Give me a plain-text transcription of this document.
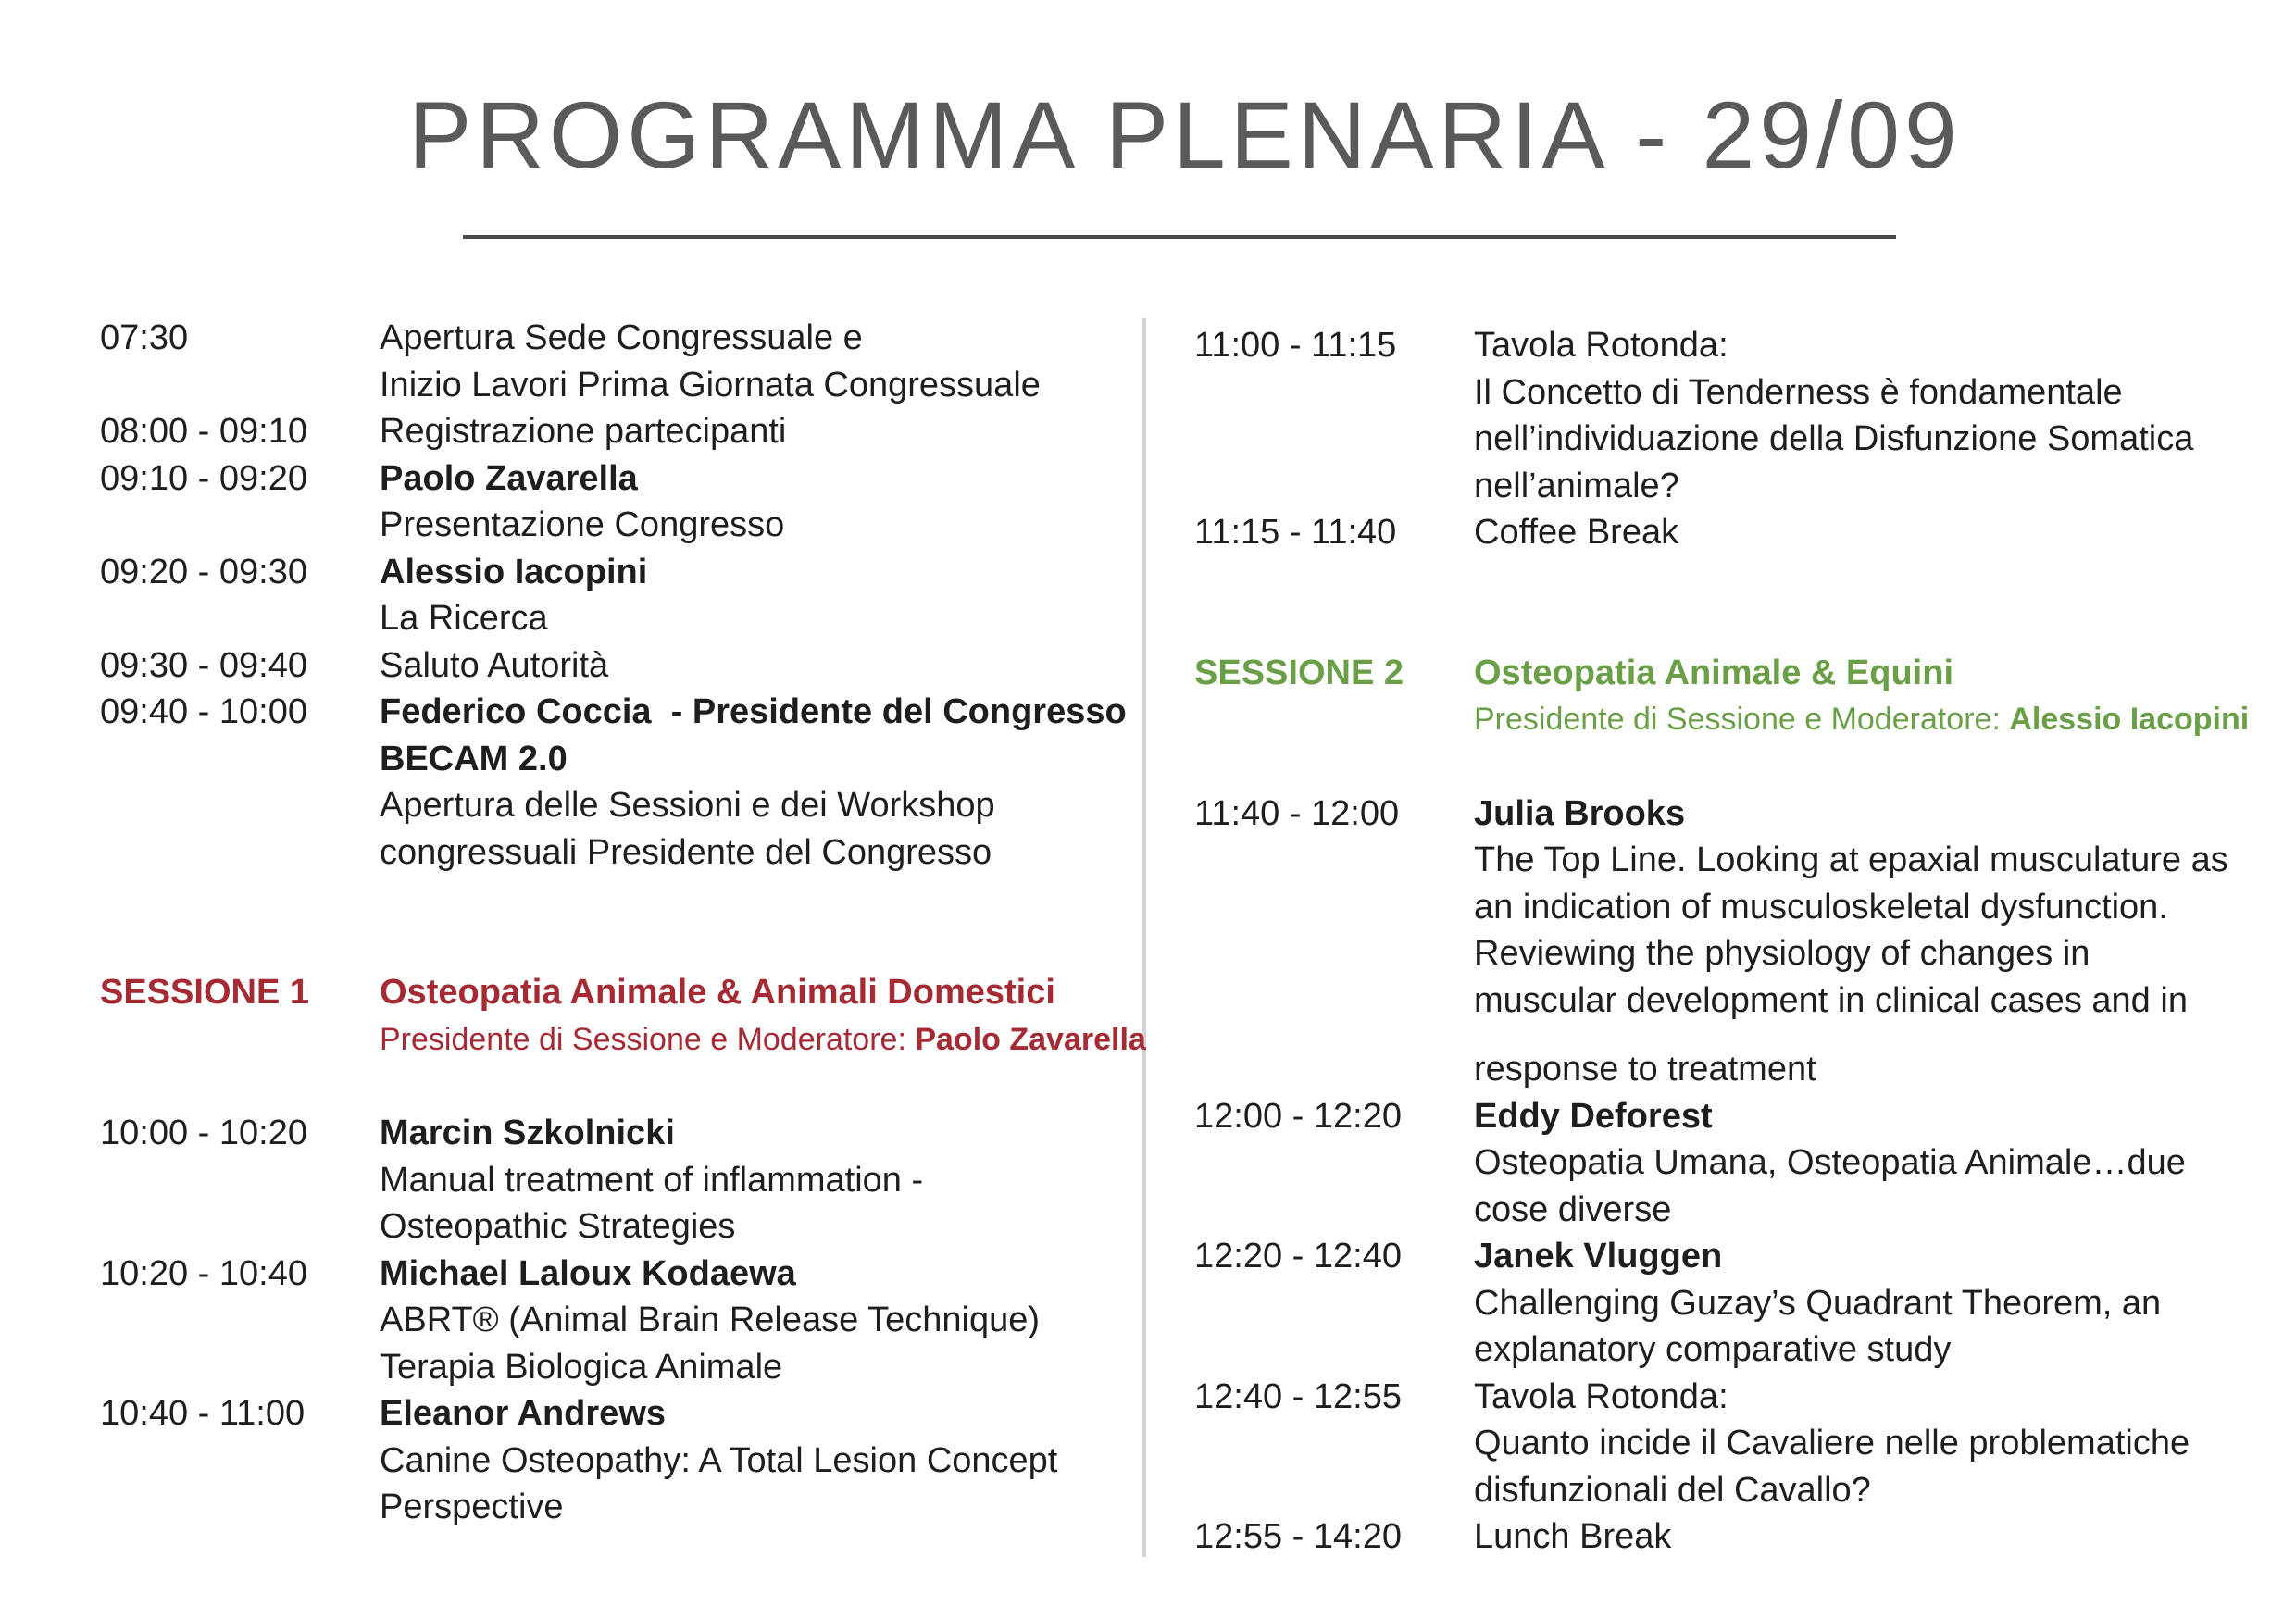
PROGRAMMA PLENARIA - 29/09
07:30	Apertura Sede Congressuale e
Inizio Lavori Prima Giornata Congressuale
08:00 - 09:10	Registrazione partecipanti
09:10 - 09:20	Paolo Zavarella
Presentazione Congresso
09:20 - 09:30	Alessio Iacopini
La Ricerca
09:30 - 09:40	Saluto Autorità
09:40 - 10:00	Federico Coccia  - Presidente del Congresso
BECAM 2.0
Apertura delle Sessioni e dei Workshop
congressuali Presidente del Congresso
SESSIONE 1	Osteopatia Animale & Animali Domestici
Presidente di Sessione e Moderatore: Paolo Zavarella
10:00 - 10:20	Marcin Szkolnicki
Manual treatment of inflammation -
Osteopathic Strategies
10:20 - 10:40	Michael Laloux Kodaewa
ABRT® (Animal Brain Release Technique)
Terapia Biologica Animale
10:40 - 11:00	Eleanor Andrews
Canine Osteopathy: A Total Lesion Concept
Perspective
11:00 - 11:15	Tavola Rotonda:
Il Concetto di Tenderness è fondamentale
nell’individuazione della Disfunzione Somatica
nell’animale?
11:15 - 11:40	Coffee Break
SESSIONE 2	Osteopatia Animale & Equini
Presidente di Sessione e Moderatore: Alessio Iacopini
11:40 - 12:00	Julia Brooks
The Top Line. Looking at epaxial musculature as
an indication of musculoskeletal dysfunction.
Reviewing the physiology of changes in
muscular development in clinical cases and in
response to treatment
12:00 - 12:20	Eddy Deforest
Osteopatia Umana, Osteopatia Animale…due
cose diverse
12:20 - 12:40	Janek Vluggen
Challenging Guzay’s Quadrant Theorem, an
explanatory comparative study
12:40 - 12:55	Tavola Rotonda:
Quanto incide il Cavaliere nelle problematiche
disfunzionali del Cavallo?
12:55 - 14:20	Lunch Break
